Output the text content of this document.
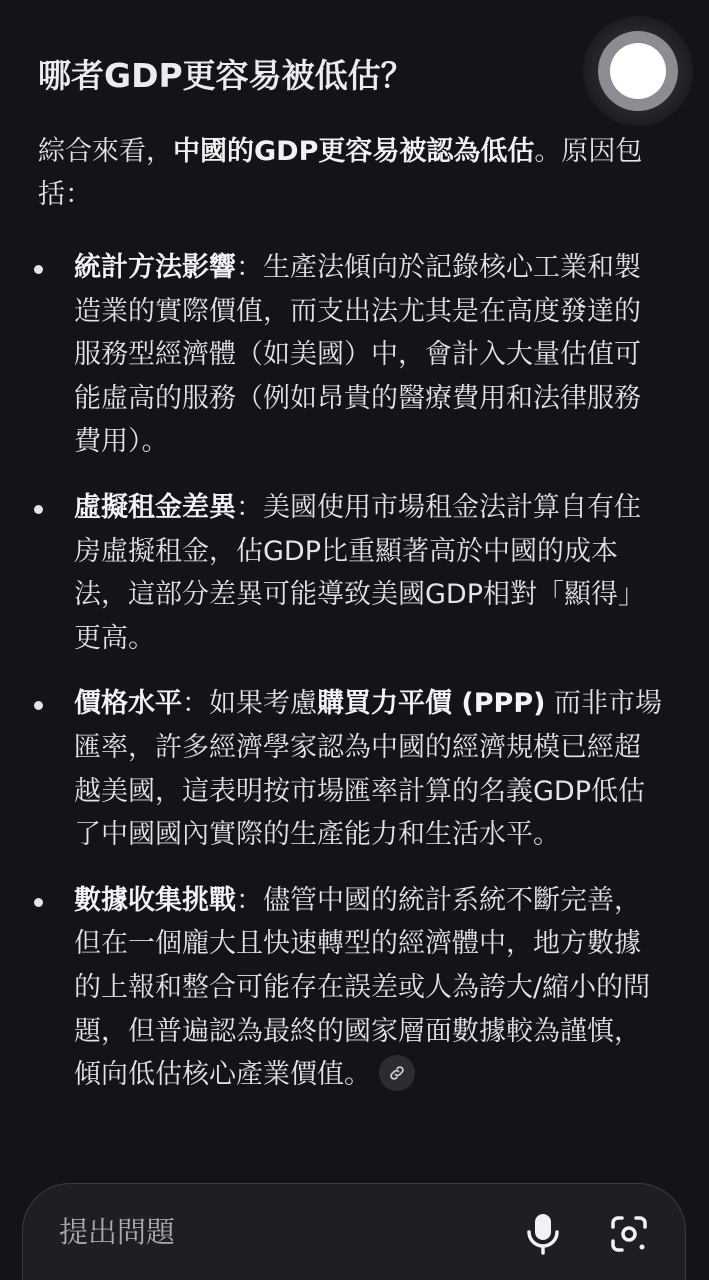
哪者GDP更容易被低估？
綜合來看，中國的GDP更容易被認為低估。原因包括：
統計方法影響：生產法傾向於記錄核心工業和製造業的實際價值，而支出法尤其是在高度發達的服務型經濟體（如美國）中，會計入大量估值可能虛高的服務（例如昂貴的醫療費用和法律服務費用）。
虛擬租金差異：美國使用市場租金法計算自有住房虛擬租金，佔GDP比重顯著高於中國的成本法，這部分差異可能導致美國GDP相對「顯得」更高。
價格水平：如果考慮購買力平價 (PPP) 而非市場匯率，許多經濟學家認為中國的經濟規模已經超越美國，這表明按市場匯率計算的名義GDP低估了中國國內實際的生產能力和生活水平。
數據收集挑戰：儘管中國的統計系統不斷完善，但在一個龐大且快速轉型的經濟體中，地方數據的上報和整合可能存在誤差或人為誇大/縮小的問題，但普遍認為最終的國家層面數據較為謹慎，傾向低估核心產業價值。
提出問題
